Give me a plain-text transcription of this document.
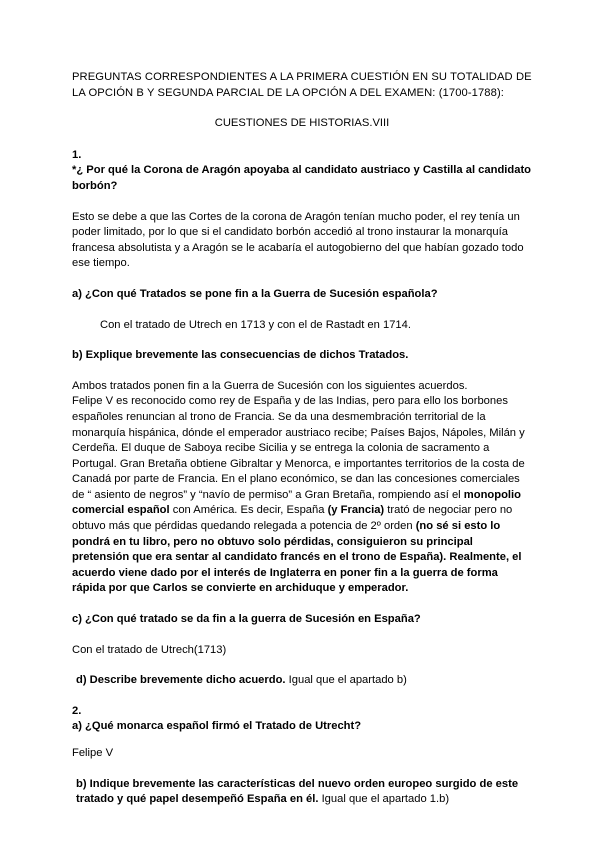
PREGUNTAS CORRESPONDIENTES A LA PRIMERA CUESTIÓN EN SU TOTALIDAD DE
LA OPCIÓN B Y SEGUNDA PARCIAL DE LA OPCIÓN A DEL EXAMEN: (1700-1788):

CUESTIONES DE HISTORIAS.VIII

1.

*¿ Por qué la Corona de Aragón apoyaba al candidato austriaco y Castilla al candidato borbón?

Esto se debe a que las Cortes de la corona de Aragón tenían mucho poder, el rey tenía un poder limitado, por lo que si el candidato borbón accedió al trono instaurar la monarquía francesa absolutista y a Aragón se le acabaría el autogobierno del que habían gozado todo ese tiempo.

a) ¿Con qué Tratados se pone fin a la Guerra de Sucesión española?

Con el tratado de Utrech en 1713 y con el de Rastadt en 1714.

b) Explique brevemente las consecuencias de dichos Tratados.

Ambos tratados ponen fin a la Guerra de Sucesión con los siguientes acuerdos.
Felipe V es reconocido como rey de España y de las Indias, pero para ello los borbones españoles renuncian al trono de Francia. Se da una desmembración territorial de la monarquía hispánica, dónde el emperador austriaco recibe; Países Bajos, Nápoles, Milán y Cerdeña. El duque de Saboya recibe Sicilia y se entrega la colonia de sacramento a Portugal. Gran Bretaña obtiene Gibraltar y Menorca, e importantes territorios de la costa de Canadá por parte de Francia. En el plano económico, se dan las concesiones comerciales de “ asiento de negros” y “navío de permiso” a Gran Bretaña, rompiendo así el monopolio comercial español con América. Es decir, España (y Francia) trató de negociar pero no obtuvo más que pérdidas quedando relegada a potencia de 2º orden (no sé si esto lo pondrá en tu libro, pero no obtuvo solo pérdidas, consiguieron su principal pretensión que era sentar al candidato francés en el trono de España). Realmente, el acuerdo viene dado por el interés de Inglaterra en poner fin a la guerra de forma rápida por que Carlos se convierte en archiduque y emperador.

c) ¿Con qué tratado se da fin a la guerra de Sucesión en España?

Con el tratado de Utrech(1713)

d) Describe brevemente dicho acuerdo. Igual que el apartado b)

2.

a) ¿Qué monarca español firmó el Tratado de Utrecht?

Felipe V

b) Indique brevemente las características del nuevo orden europeo surgido de este tratado y qué papel desempeñó España en él. Igual que el apartado 1.b)
